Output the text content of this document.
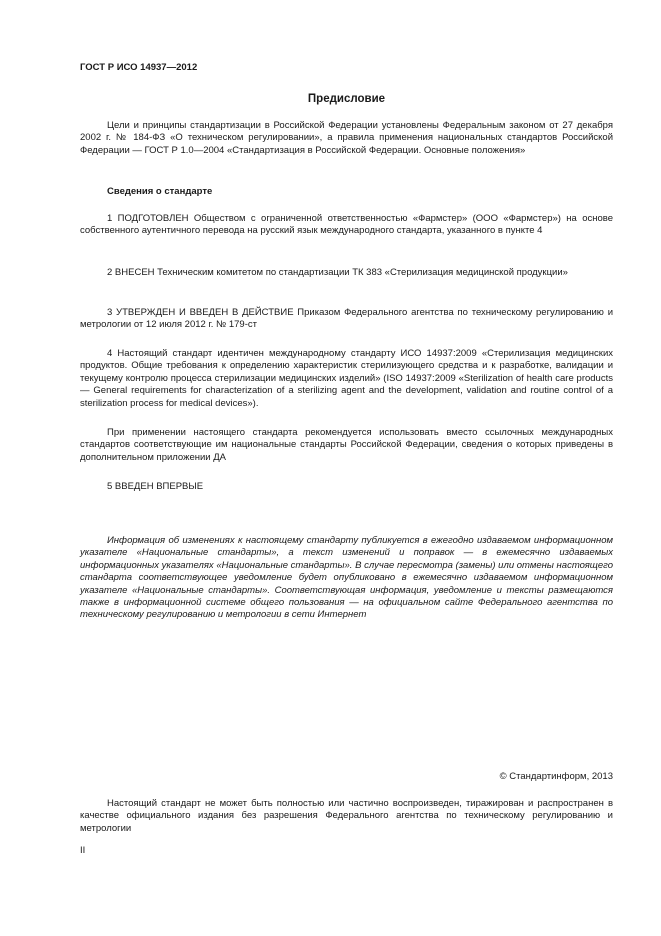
ГОСТ Р ИСО 14937—2012
Предисловие

Цели и принципы стандартизации в Российской Федерации установлены Федеральным законом от 27 декабря 2002 г. № 184-ФЗ «О техническом регулировании», а правила применения национальных стандартов Российской Федерации — ГОСТ Р 1.0—2004 «Стандартизация в Российской Федерации. Основные положения»

Сведения о стандарте

1 ПОДГОТОВЛЕН Обществом с ограниченной ответственностью «Фармстер» (ООО «Фармстер») на основе собственного аутентичного перевода на русский язык международного стандарта, указанного в пункте 4

2 ВНЕСЕН Техническим комитетом по стандартизации ТК 383 «Стерилизация медицинской продукции»

3 УТВЕРЖДЕН И ВВЕДЕН В ДЕЙСТВИЕ Приказом Федерального агентства по техническому регулированию и метрологии от 12 июля 2012 г. № 179-ст

4 Настоящий стандарт идентичен международному стандарту ИСО 14937:2009 «Стерилизация медицинских продуктов. Общие требования к определению характеристик стерилизующего средства и к разработке, валидации и текущему контролю процесса стерилизации медицинских изделий» (ISO 14937:2009 «Sterilization of health care products — General requirements for characterization of a sterilizing agent and the development, validation and routine control of a sterilization process for medical devices»).

При применении настоящего стандарта рекомендуется использовать вместо ссылочных международных стандартов соответствующие им национальные стандарты Российской Федерации, сведения о которых приведены в дополнительном приложении ДА

5 ВВЕДЕН ВПЕРВЫЕ

Информация об изменениях к настоящему стандарту публикуется в ежегодно издаваемом информационном указателе «Национальные стандарты», а текст изменений и поправок — в ежемесячно издаваемых информационных указателях «Национальные стандарты». В случае пересмотра (замены) или отмены настоящего стандарта соответствующее уведомление будет опубликовано в ежемесячно издаваемом информационном указателе «Национальные стандарты». Соответствующая информация, уведомление и тексты размещаются также в информационной системе общего пользования — на официальном сайте Федерального агентства по техническому регулированию и метрологии в сети Интернет

© Стандартинформ, 2013

Настоящий стандарт не может быть полностью или частично воспроизведен, тиражирован и распространен в качестве официального издания без разрешения Федерального агентства по техническому регулированию и метрологии

II
